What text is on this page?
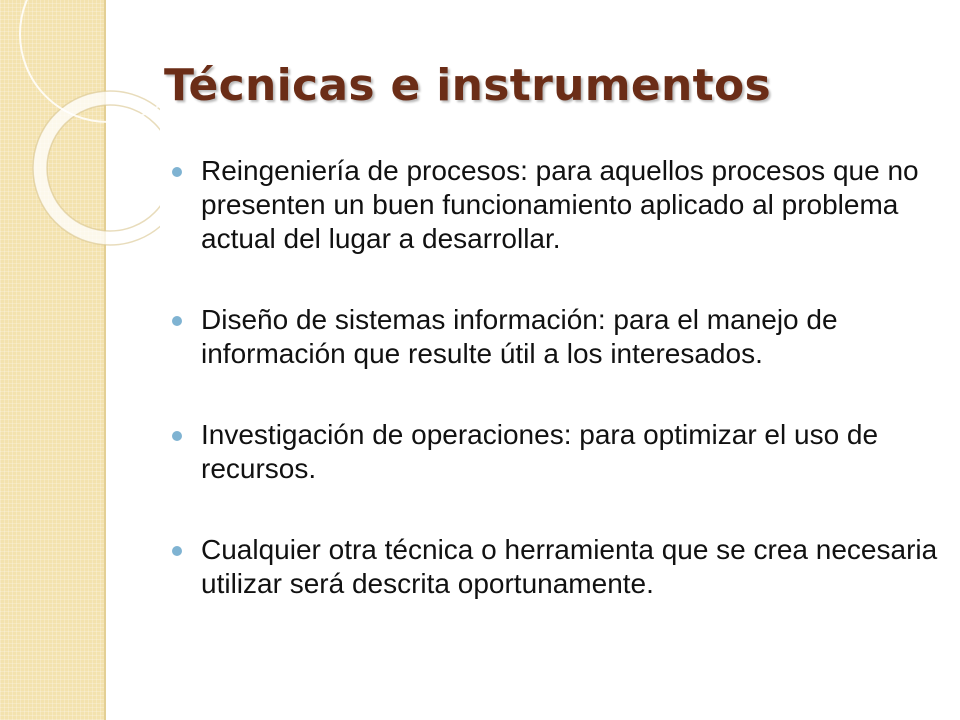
Técnicas e instrumentos
Reingeniería de procesos: para aquellos procesos que no presenten un buen funcionamiento aplicado al problema actual del lugar a desarrollar.
Diseño de sistemas información: para el manejo de información que resulte útil a los interesados.
Investigación de operaciones: para optimizar el uso de recursos.
Cualquier otra técnica o herramienta que se crea necesaria utilizar será descrita oportunamente.
